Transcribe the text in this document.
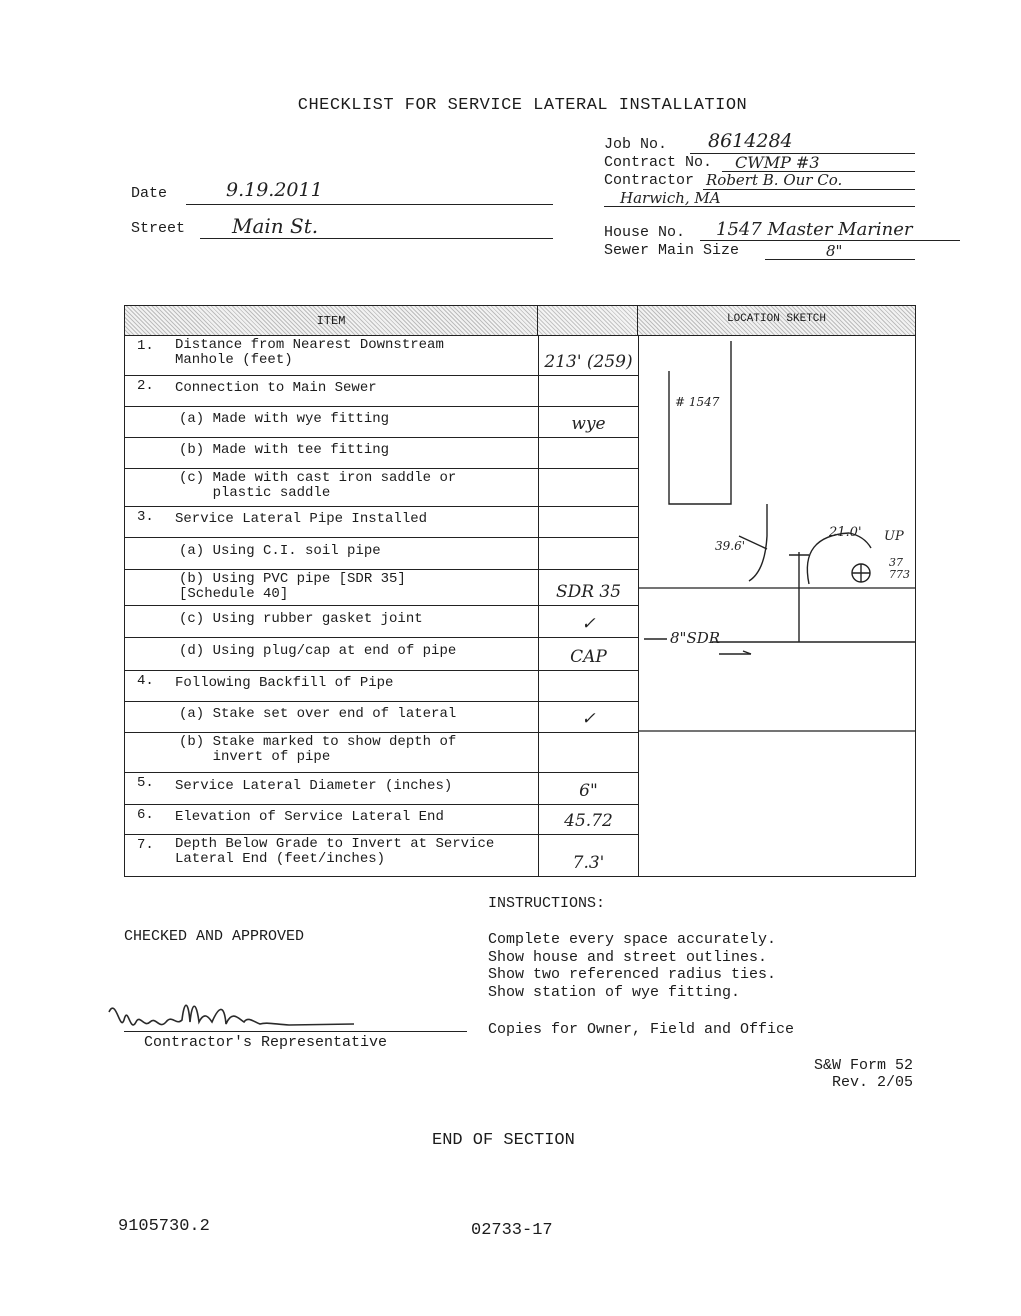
CHECKLIST FOR SERVICE LATERAL INSTALLATION
Job No. 8614284
Contract No. CWMP #3
Contractor Robert B. Our Co.
Harwich, MA
House No. 1547 Master Mariner
Sewer Main Size	8"
Date	9.19.2011
Street Main St.
ITEM	LOCATION SKETCH
1. Distance from Nearest Downstream
Manhole (feet)	213' (259)
2. Connection to Main Sewer
(a) Made with wye fitting	wye
(b) Made with tee fitting
(c) Made with cast iron saddle or
plastic saddle
3. Service Lateral Pipe Installed
(a) Using C.I. soil pipe
(b) Using PVC pipe [SDR 35]
[Schedule 40]	SDR 35
(c) Using rubber gasket joint	✓
(d) Using plug/cap at end of pipe	CAP
4. Following Backfill of Pipe
(a) Stake set over end of lateral	✓
(b) Stake marked to show depth of
invert of pipe
5. Service Lateral Diameter (inches)	6"
6. Elevation of Service Lateral End	45.72
7. Depth Below Grade to Invert at Service
Lateral End (feet/inches)	7.3'
# 1547
39.6'
21.0' UP
37 773
8"SDR
CHECKED AND APPROVED
Contractor's Representative
INSTRUCTIONS:
Complete every space accurately.
Show house and street outlines.
Show two referenced radius ties.
Show station of wye fitting.
Copies for Owner, Field and Office
S&W Form 52
Rev. 2/05
END OF SECTION
9105730.2	02733-17
